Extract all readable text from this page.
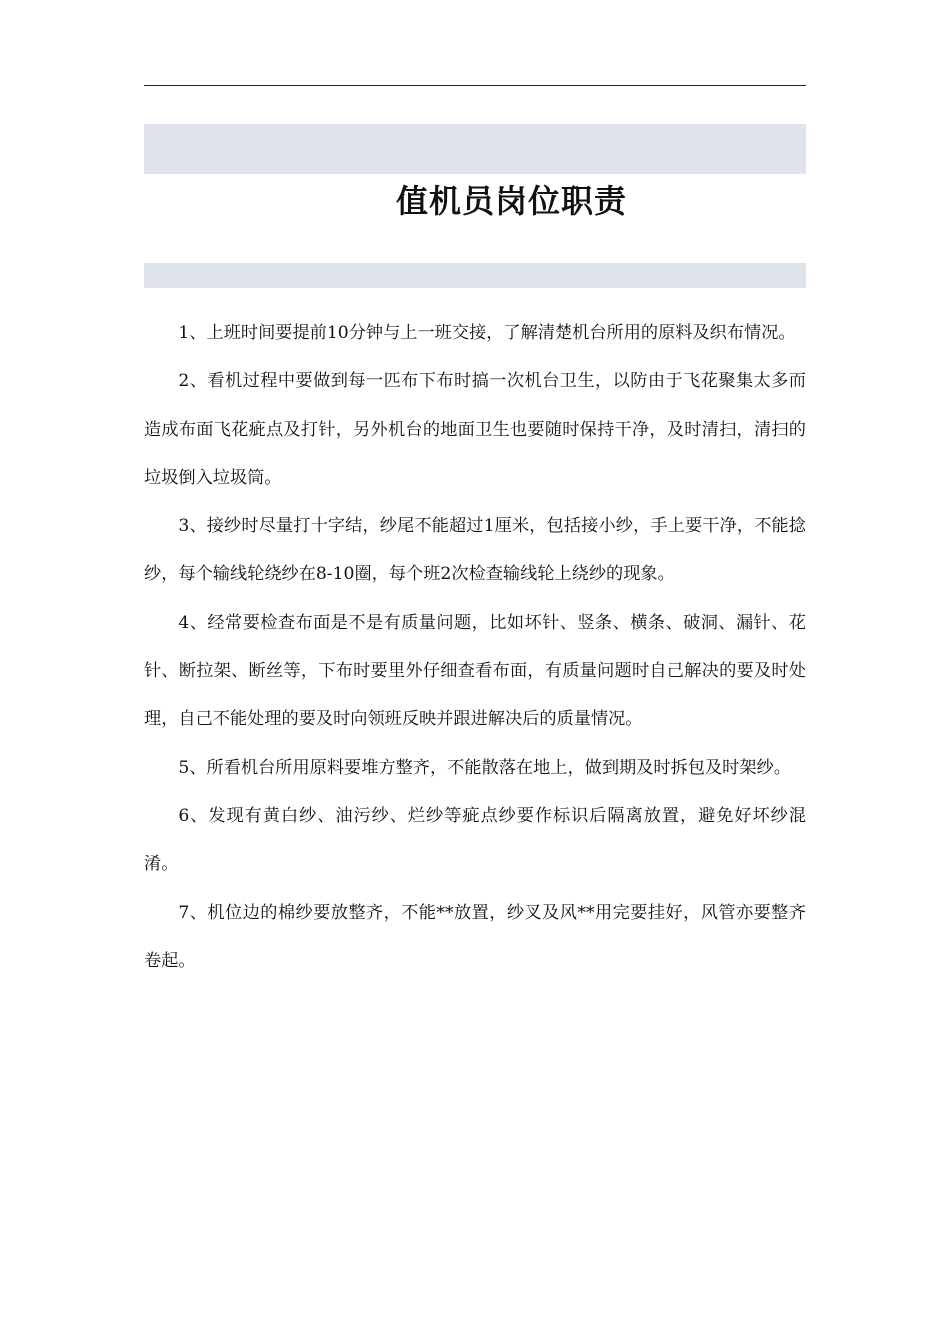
值机员岗位职责

1、上班时间要提前10分钟与上一班交接，了解清楚机台所用的原料及织布情况。

2、看机过程中要做到每一匹布下布时搞一次机台卫生，以防由于飞花聚集太多而造成布面飞花疵点及打针，另外机台的地面卫生也要随时保持干净，及时清扫，清扫的垃圾倒入垃圾筒。

3、接纱时尽量打十字结，纱尾不能超过1厘米，包括接小纱，手上要干净，不能捻纱，每个输线轮绕纱在8-10圈，每个班2次检查输线轮上绕纱的现象。

4、经常要检查布面是不是有质量问题，比如坏针、竖条、横条、破洞、漏针、花针、断拉架、断丝等，下布时要里外仔细查看布面，有质量问题时自己解决的要及时处理，自己不能处理的要及时向领班反映并跟进解决后的质量情况。

5、所看机台所用原料要堆方整齐，不能散落在地上，做到期及时拆包及时架纱。

6、发现有黄白纱、油污纱、烂纱等疵点纱要作标识后隔离放置，避免好坏纱混淆。

7、机位边的棉纱要放整齐，不能**放置，纱叉及风**用完要挂好，风管亦要整齐卷起。
